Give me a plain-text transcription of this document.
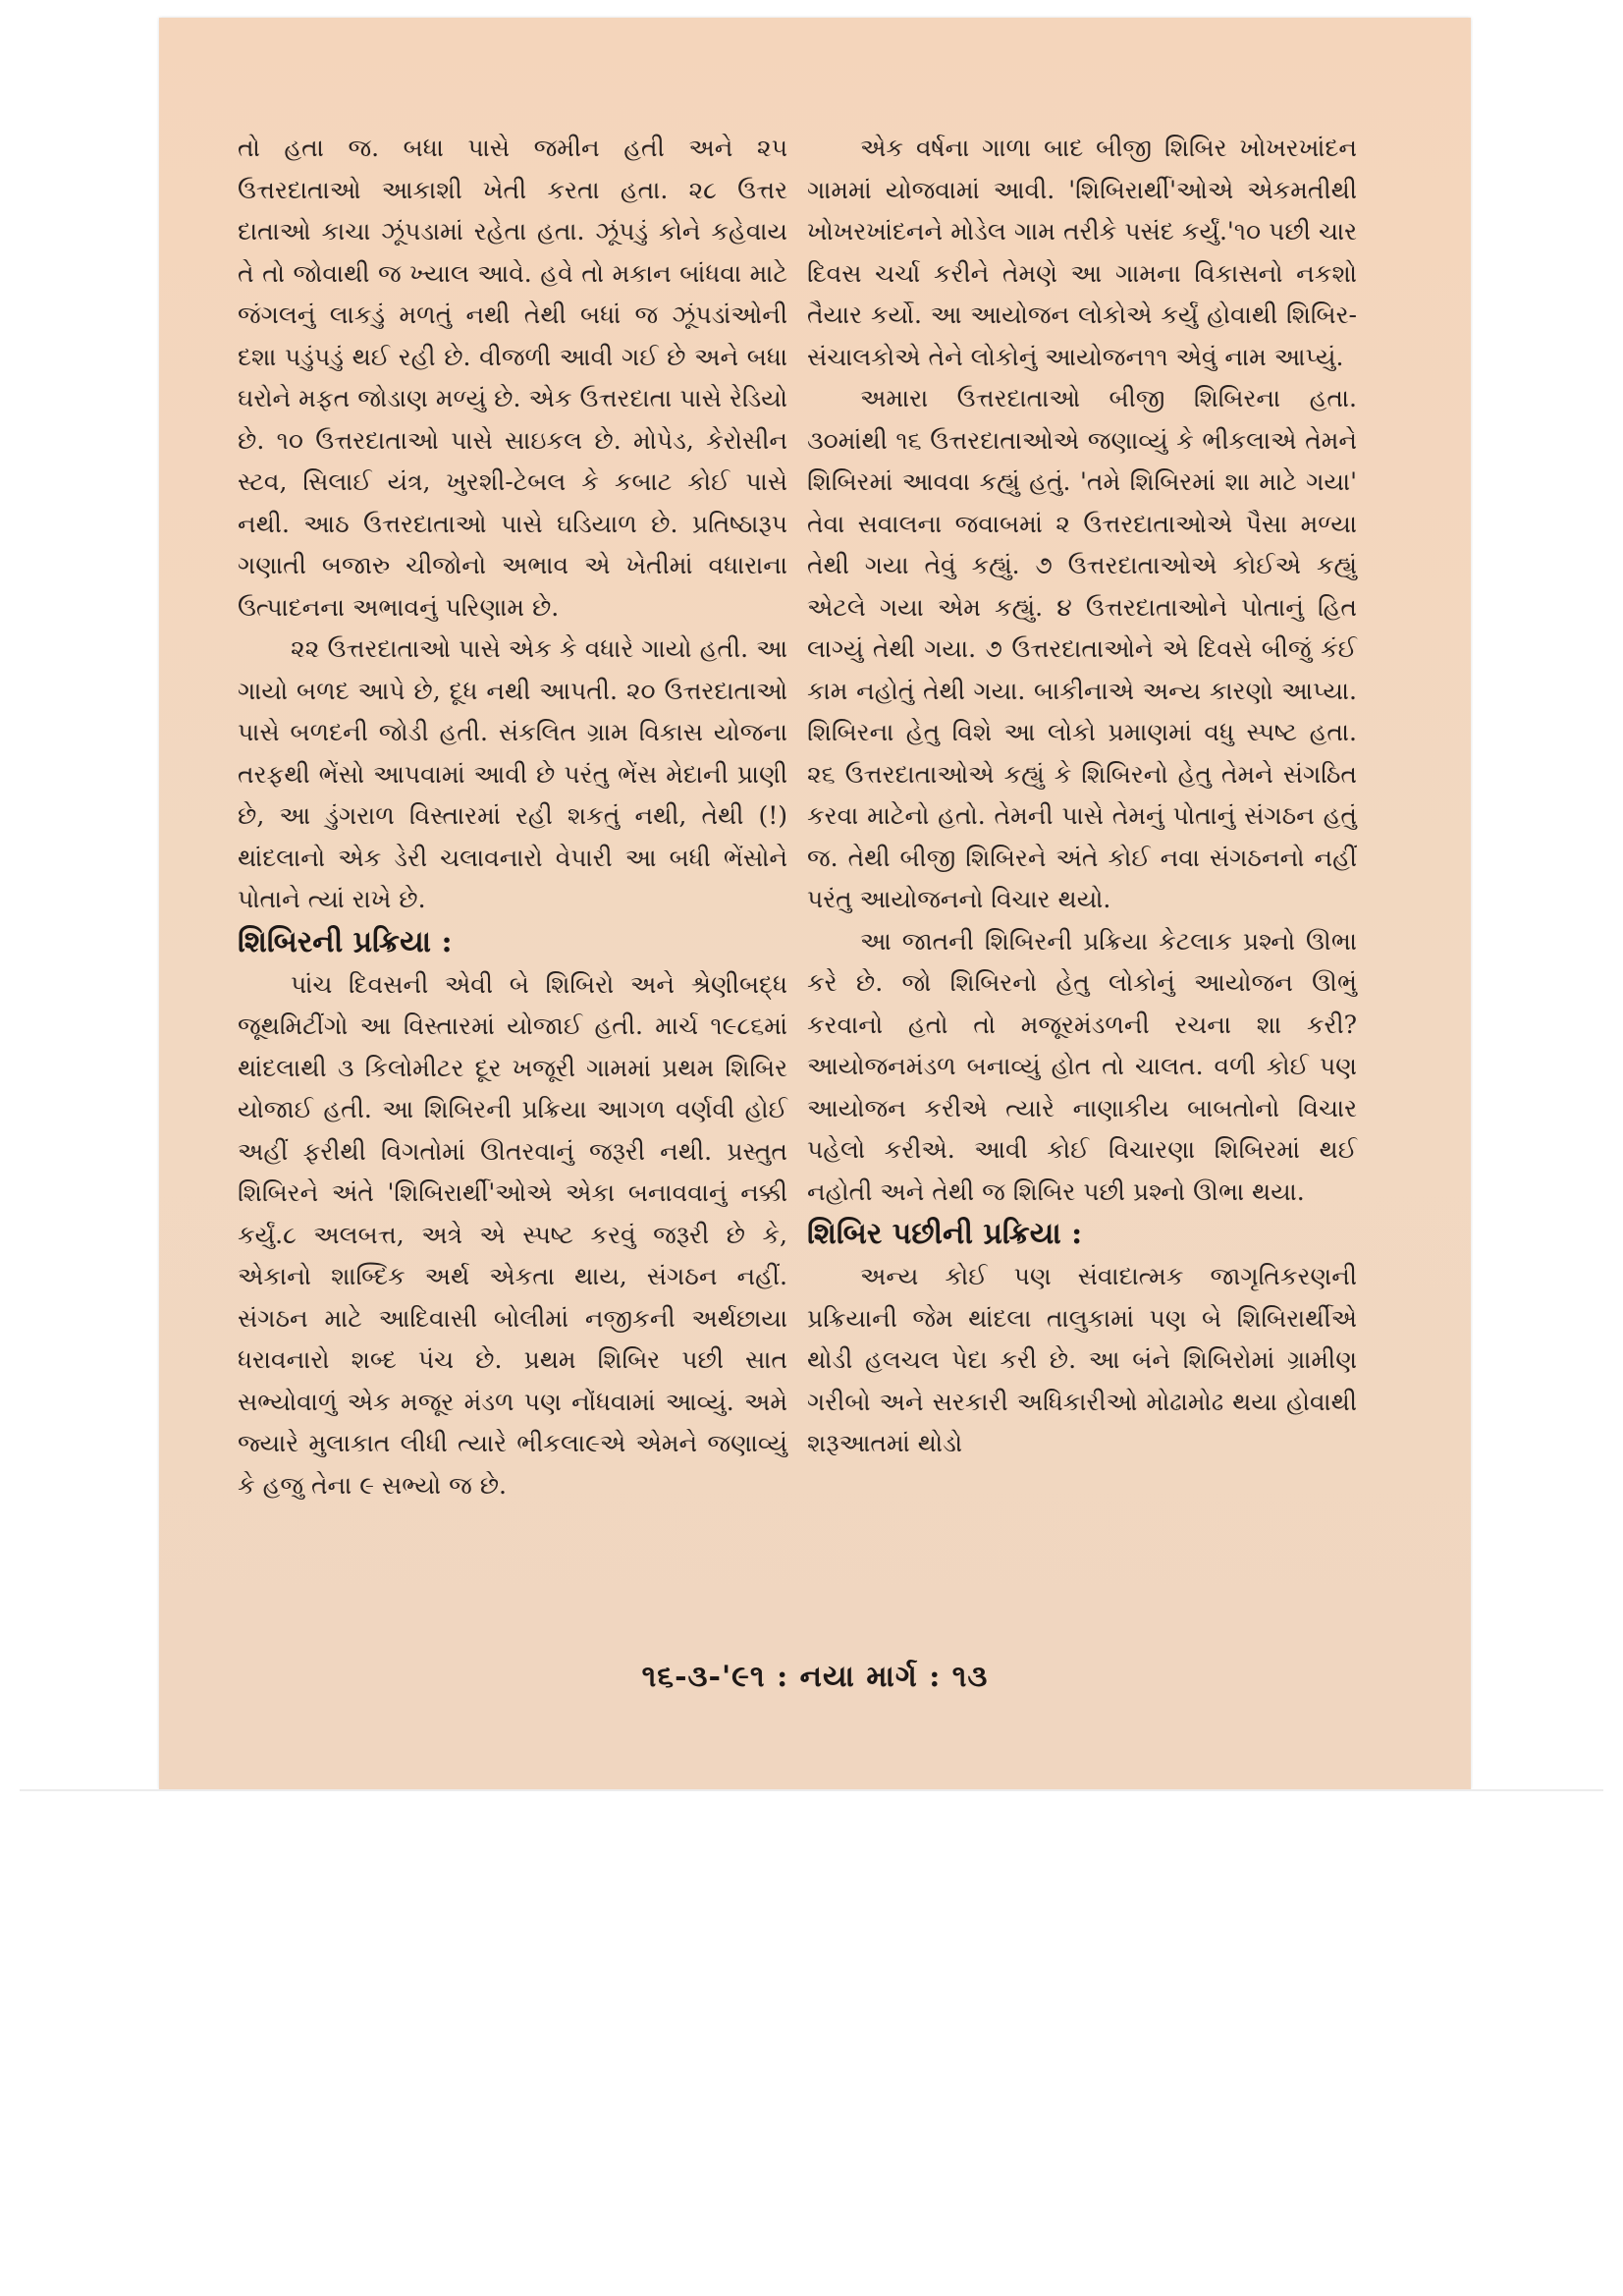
તો હતા જ. બધા પાસે જમીન હતી અને ૨૫ ઉત્તરદાતાઓ આકાશી ખેતી કરતા હતા. ૨૮ ઉત્તર દાતાઓ કાચા ઝૂંપડામાં રહેતા હતા. ઝૂંપડું કોને કહેવાય તે તો જોવાથી જ ખ્યાલ આવે. હવે તો મકાન બાંધવા માટે જંગલનું લાકડું મળતું નથી તેથી બધાં જ ઝૂંપડાંઓની દશા પડુંપડું થઈ રહી છે. વીજળી આવી ગઈ છે અને બધા ઘરોને મફત જોડાણ મળ્યું છે. એક ઉત્તરદાતા પાસે રેડિયો છે. ૧૦ ઉત્તરદાતાઓ પાસે સાઇકલ છે. મોપેડ, કેરોસીન સ્ટવ, સિલાઈ યંત્ર, ખુરશી-ટેબલ કે કબાટ કોઈ પાસે નથી. આઠ ઉત્તરદાતાઓ પાસે ઘડિયાળ છે. પ્રતિષ્ઠારૂપ ગણાતી બજારુ ચીજોનો અભાવ એ ખેતીમાં વધારાના ઉત્પાદનના અભાવનું પરિણામ છે.

૨૨ ઉત્તરદાતાઓ પાસે એક કે વધારે ગાયો હતી. આ ગાયો બળદ આપે છે, દૂધ નથી આપતી. ૨૦ ઉત્તરદાતાઓ પાસે બળદની જોડી હતી. સંકલિત ગ્રામ વિકાસ યોજના તરફથી ભેંસો આપવામાં આવી છે પરંતુ ભેંસ મેદાની પ્રાણી છે, આ ડુંગરાળ વિસ્તારમાં રહી શકતું નથી, તેથી (!) થાંદલાનો એક ડેરી ચલાવનારો વેપારી આ બધી ભેંસોને પોતાને ત્યાં રાખે છે.

શિબિરની પ્રક્રિયા :

પાંચ દિવસની એવી બે શિબિરો અને શ્રેણીબદ્ધ જૂથમિટીંગો આ વિસ્તારમાં યોજાઈ હતી. માર્ચ ૧૯૮૬માં થાંદલાથી ૩ કિલોમીટર દૂર ખજૂરી ગામમાં પ્રથમ શિબિર યોજાઈ હતી. આ શિબિરની પ્રક્રિયા આગળ વર્ણવી હોઈ અહીં ફરીથી વિગતોમાં ઊતરવાનું જરૂરી નથી. પ્રસ્તુત શિબિરને અંતે 'શિબિરાર્થી'ઓએ એકા બનાવવાનું નક્કી કર્યું.૮ અલબત્ત, અત્રે એ સ્પષ્ટ કરવું જરૂરી છે કે, એકાનો શાબ્દિક અર્થ એકતા થાય, સંગઠન નહીં. સંગઠન માટે આદિવાસી બોલીમાં નજીકની અર્થછાયા ધરાવનારો શબ્દ પંચ છે. પ્રથમ શિબિર પછી સાત સભ્યોવાળું એક મજૂર મંડળ પણ નોંધવામાં આવ્યું. અમે જ્યારે મુલાકાત લીધી ત્યારે ભીકલા૯એ એમને જણાવ્યું કે હજુ તેના ૯ સભ્યો જ છે.

એક વર્ષના ગાળા બાદ બીજી શિબિર ખોખરખાંદન ગામમાં યોજવામાં આવી. 'શિબિરાર્થી'ઓએ એકમતીથી ખોખરખાંદનને મોડેલ ગામ તરીકે પસંદ કર્યું.'૧૦ પછી ચાર દિવસ ચર્ચા કરીને તેમણે આ ગામના વિકાસનો નકશો તૈયાર કર્યો. આ આયોજન લોકોએ કર્યું હોવાથી શિબિર-સંચાલકોએ તેને લોકોનું આયોજન૧૧ એવું નામ આપ્યું.

અમારા ઉત્તરદાતાઓ બીજી શિબિરના હતા. ૩૦માંથી ૧૬ ઉત્તરદાતાઓએ જણાવ્યું કે ભીકલાએ તેમને શિબિરમાં આવવા કહ્યું હતું. 'તમે શિબિરમાં શા માટે ગયા' તેવા સવાલના જવાબમાં ૨ ઉત્તરદાતાઓએ પૈસા મળ્યા તેથી ગયા તેવું કહ્યું. ૭ ઉત્તરદાતાઓએ કોઈએ કહ્યું એટલે ગયા એમ કહ્યું. ૪ ઉત્તરદાતાઓને પોતાનું હિત લાગ્યું તેથી ગયા. ૭ ઉત્તરદાતાઓને એ દિવસે બીજું કંઈ કામ નહોતું તેથી ગયા. બાકીનાએ અન્ય કારણો આપ્યા. શિબિરના હેતુ વિશે આ લોકો પ્રમાણમાં વધુ સ્પષ્ટ હતા. ૨૬ ઉત્તરદાતાઓએ કહ્યું કે શિબિરનો હેતુ તેમને સંગઠિત કરવા માટેનો હતો. તેમની પાસે તેમનું પોતાનું સંગઠન હતું જ. તેથી બીજી શિબિરને અંતે કોઈ નવા સંગઠનનો નહીં પરંતુ આયોજનનો વિચાર થયો.

આ જાતની શિબિરની પ્રક્રિયા કેટલાક પ્રશ્નો ઊભા કરે છે. જો શિબિરનો હેતુ લોકોનું આયોજન ઊભું કરવાનો હતો તો મજૂરમંડળની રચના શા કરી? આયોજનમંડળ બનાવ્યું હોત તો ચાલત. વળી કોઈ પણ આયોજન કરીએ ત્યારે નાણાકીય બાબતોનો વિચાર પહેલો કરીએ. આવી કોઈ વિચારણા શિબિરમાં થઈ નહોતી અને તેથી જ શિબિર પછી પ્રશ્નો ઊભા થયા.

શિબિર પછીની પ્રક્રિયા :

અન્ય કોઈ પણ સંવાદાત્મક જાગૃતિકરણની પ્રક્રિયાની જેમ થાંદલા તાલુકામાં પણ બે શિબિરાર્થીએ થોડી હલચલ પેદા કરી છે. આ બંને શિબિરોમાં ગ્રામીણ ગરીબો અને સરકારી અધિકારીઓ મોઢામોઢ થયા હોવાથી શરૂઆતમાં થોડો

૧૬-૩-'૯૧ : નયા માર્ગ : ૧૩
